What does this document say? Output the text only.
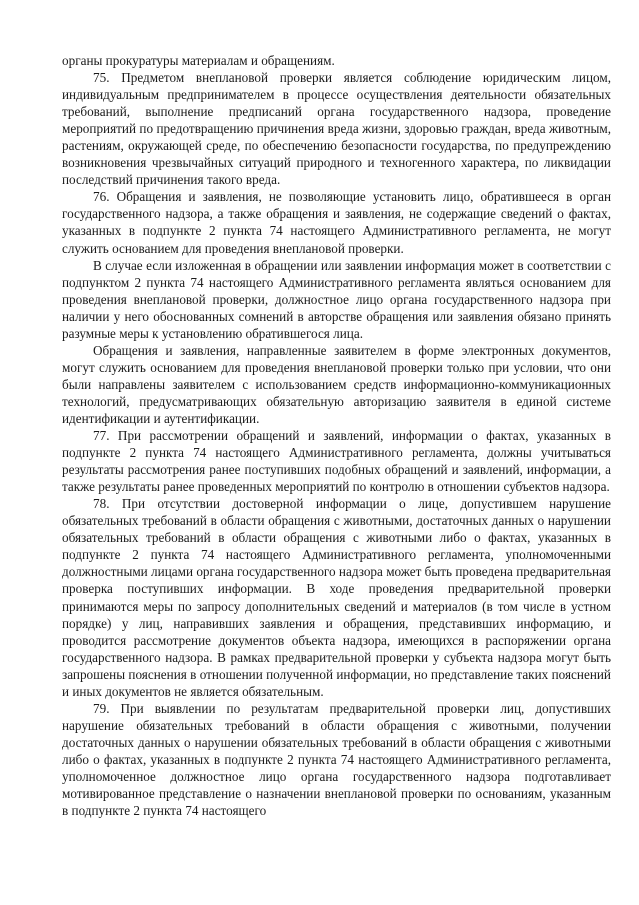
органы прокуратуры материалам и обращениям.

75. Предметом внеплановой проверки является соблюдение юридическим лицом, индивидуальным предпринимателем в процессе осуществления деятельности обязательных требований, выполнение предписаний органа государственного надзора, проведение мероприятий по предотвращению причинения вреда жизни, здоровью граждан, вреда животным, растениям, окружающей среде, по обеспечению безопасности государства, по предупреждению возникновения чрезвычайных ситуаций природного и техногенного характера, по ликвидации последствий причинения такого вреда.

76. Обращения и заявления, не позволяющие установить лицо, обратившееся в орган государственного надзора, а также обращения и заявления, не содержащие сведений о фактах, указанных в подпункте 2 пункта 74 настоящего Административного регламента, не могут служить основанием для проведения внеплановой проверки.

В случае если изложенная в обращении или заявлении информация может в соответствии с подпунктом 2 пункта 74 настоящего Административного регламента являться основанием для проведения внеплановой проверки, должностное лицо органа государственного надзора при наличии у него обоснованных сомнений в авторстве обращения или заявления обязано принять разумные меры к установлению обратившегося лица.

Обращения и заявления, направленные заявителем в форме электронных документов, могут служить основанием для проведения внеплановой проверки только при условии, что они были направлены заявителем с использованием средств информационно-коммуникационных технологий, предусматривающих обязательную авторизацию заявителя в единой системе идентификации и аутентификации.

77. При рассмотрении обращений и заявлений, информации о фактах, указанных в подпункте 2 пункта 74 настоящего Административного регламента, должны учитываться результаты рассмотрения ранее поступивших подобных обращений и заявлений, информации, а также результаты ранее проведенных мероприятий по контролю в отношении субъектов надзора.

78. При отсутствии достоверной информации о лице, допустившем нарушение обязательных требований в области обращения с животными, достаточных данных о нарушении обязательных требований в области обращения с животными либо о фактах, указанных в подпункте 2 пункта 74 настоящего Административного регламента, уполномоченными должностными лицами органа государственного надзора может быть проведена предварительная проверка поступивших информации. В ходе проведения предварительной проверки принимаются меры по запросу дополнительных сведений и материалов (в том числе в устном порядке) у лиц, направивших заявления и обращения, представивших информацию, и проводится рассмотрение документов объекта надзора, имеющихся в распоряжении органа государственного надзора. В рамках предварительной проверки у субъекта надзора могут быть запрошены пояснения в отношении полученной информации, но представление таких пояснений и иных документов не является обязательным.

79. При выявлении по результатам предварительной проверки лиц, допустивших нарушение обязательных требований в области обращения с животными, получении достаточных данных о нарушении обязательных требований в области обращения с животными либо о фактах, указанных в подпункте 2 пункта 74 настоящего Административного регламента, уполномоченное должностное лицо органа государственного надзора подготавливает мотивированное представление о назначении внеплановой проверки по основаниям, указанным в подпункте 2 пункта 74 настоящего
